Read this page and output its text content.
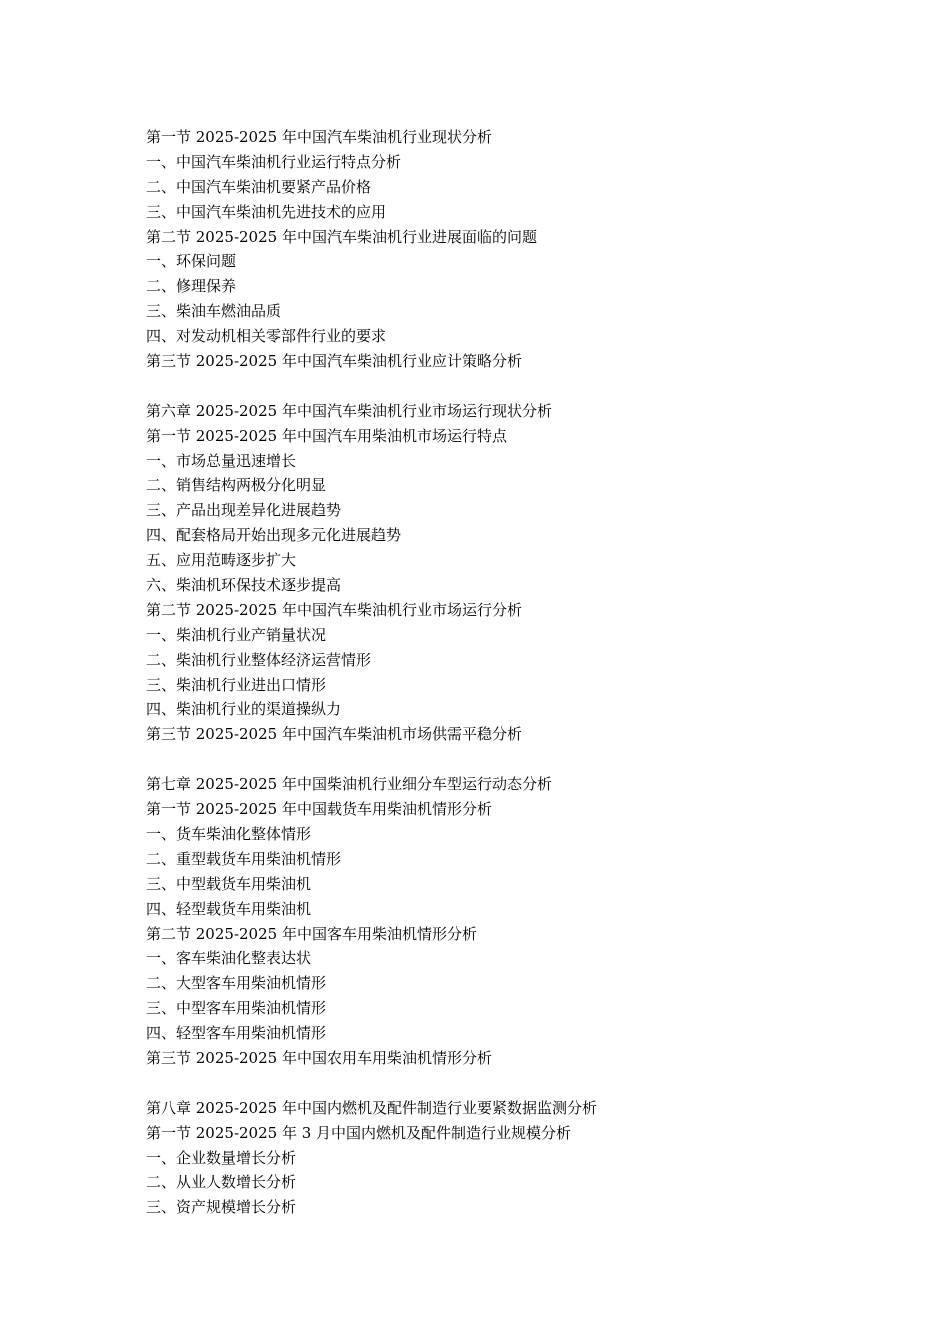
第一节 2025-2025 年中国汽车柴油机行业现状分析
一、中国汽车柴油机行业运行特点分析
二、中国汽车柴油机要紧产品价格
三、中国汽车柴油机先进技术的应用
第二节 2025-2025 年中国汽车柴油机行业进展面临的问题
一、环保问题
二、修理保养
三、柴油车燃油品质
四、对发动机相关零部件行业的要求
第三节 2025-2025 年中国汽车柴油机行业应计策略分析
第六章 2025-2025 年中国汽车柴油机行业市场运行现状分析
第一节 2025-2025 年中国汽车用柴油机市场运行特点
一、市场总量迅速增长
二、销售结构两极分化明显
三、产品出现差异化进展趋势
四、配套格局开始出现多元化进展趋势
五、应用范畴逐步扩大
六、柴油机环保技术逐步提高
第二节 2025-2025 年中国汽车柴油机行业市场运行分析
一、柴油机行业产销量状况
二、柴油机行业整体经济运营情形
三、柴油机行业进出口情形
四、柴油机行业的渠道操纵力
第三节 2025-2025 年中国汽车柴油机市场供需平稳分析
第七章 2025-2025 年中国柴油机行业细分车型运行动态分析
第一节 2025-2025 年中国载货车用柴油机情形分析
一、货车柴油化整体情形
二、重型载货车用柴油机情形
三、中型载货车用柴油机
四、轻型载货车用柴油机
第二节 2025-2025 年中国客车用柴油机情形分析
一、客车柴油化整表达状
二、大型客车用柴油机情形
三、中型客车用柴油机情形
四、轻型客车用柴油机情形
第三节 2025-2025 年中国农用车用柴油机情形分析
第八章 2025-2025 年中国内燃机及配件制造行业要紧数据监测分析
第一节 2025-2025 年 3 月中国内燃机及配件制造行业规模分析
一、企业数量增长分析
二、从业人数增长分析
三、资产规模增长分析
